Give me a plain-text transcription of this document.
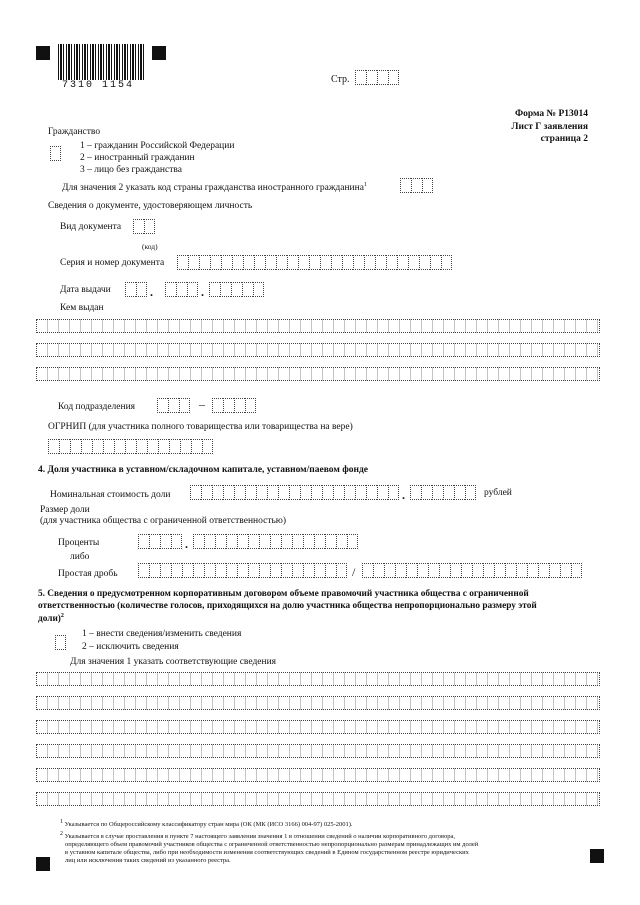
7310 1154
Стр.
Форма № Р13014
Лист Г заявления
страница 2
Гражданство
1 – гражданин Российской Федерации
2 – иностранный гражданин
3 – лицо без гражданства
Для значения 2 указать код страны гражданства иностранного гражданина$^1$
Сведения о документе, удостоверяющем личность
Вид документа
(код)
Серия и номер документа
Дата выдачи	.	.
Кем выдан
Код подразделения	–
ОГРНИП (для участника полного товарищества или товарищества на вере)
4. Доля участника в уставном/складочном капитале, уставном/паевом фонде
Номинальная стоимость доли	.	рублей
Размер доли
(для участника общества с ограниченной ответственностью)
Проценты	.
либо
Простая дробь	/
5. Сведения о предусмотренном корпоративным договором объеме правомочий участника общества с ограниченной
ответственностью (количестве голосов, приходящихся на долю участника общества непропорционально размеру этой
доли)$^2$
1 – внести сведения/изменить сведения
2 – исключить сведения
Для значения 1 указать соответствующие сведения
1 Указывается по Общероссийскому классификатору стран мира (ОК (МК (ИСО 3166) 004-97) 025-2001).
2 Указывается в случае проставления в пункте 7 настоящего заявления значения 1 в отношении сведений о наличии корпоративного договора,
определяющего объем правомочий участников общества с ограниченной ответственностью непропорционально размерам принадлежащих им долей
в уставном капитале общества, либо при необходимости изменения соответствующих сведений в Едином государственном реестре юридических
лиц или исключения таких сведений из указанного реестра.
